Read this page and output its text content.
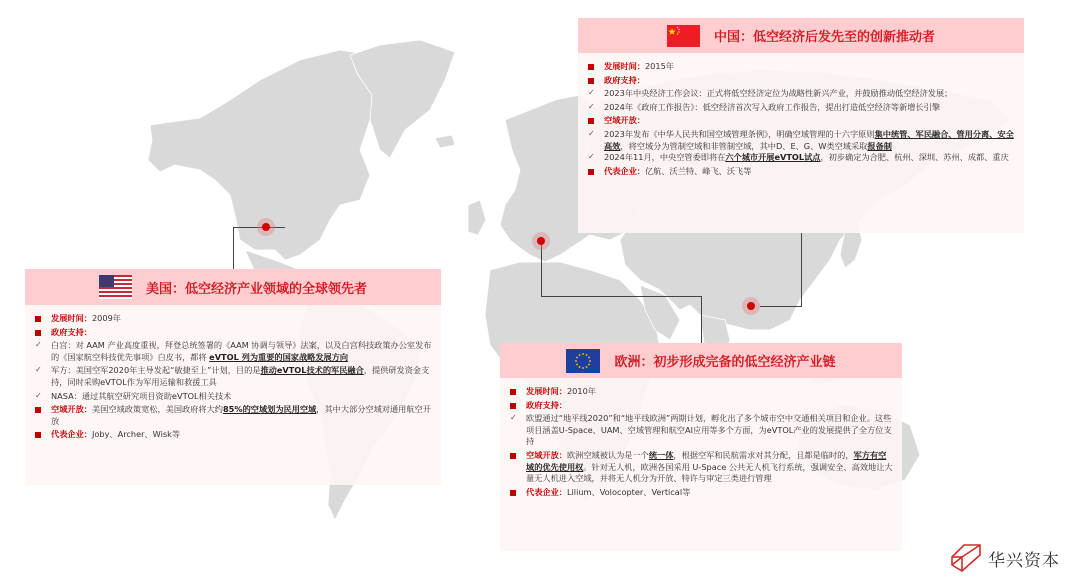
中国：低空经济后发先至的创新推动者
发展时间：2015年
政府支持：
✓ 2023年中央经济工作会议：正式将低空经济定位为战略性新兴产业，并鼓励推动低空经济发展；
✓ 2024年《政府工作报告》：低空经济首次写入政府工作报告，提出打造低空经济等新增长引擎
空域开放：
✓ 2023年发布《中华人民共和国空域管理条例》，明确空域管理的十六字原则集中统管、军民融合、管用分离、安全高效，将空域分为管制空域和非管制空域，其中D、E、G、W类空域采取报备制
✓ 2024年11月，中央空管委即将在六个城市开展eVTOL试点，初步确定为合肥、杭州、深圳、苏州、成都、重庆
代表企业：亿航、沃兰特、峰飞、沃飞等
美国：低空经济产业领域的全球领先者
发展时间：2009年
政府支持：
✓ 白宫：对 AAM 产业高度重视，拜登总统签署的《AAM 协调与领导》法案，以及白宫科技政策办公室发布的《国家航空科技优先事项》白皮书，都将 eVTOL 列为重要的国家战略发展方向
✓ 军方：美国空军2020年主导发起“敏捷至上”计划，目的是推动eVTOL技术的军民融合，提供研发资金支持，同时采购eVTOL作为军用运输和救援工具
✓ NASA：通过其航空研究项目资助eVTOL相关技术
空域开放：美国空域政策宽松，美国政府将大约85%的空域划为民用空域，其中大部分空域对通用航空开放
代表企业：Joby、Archer、Wisk等
欧洲：初步形成完备的低空经济产业链
发展时间：2010年
政府支持：
✓ 欧盟通过“地平线2020”和“地平线欧洲”两期计划，孵化出了多个城市空中交通相关项目和企业。这些项目涵盖U-Space、UAM、空域管理和航空AI应用等多个方面，为eVTOL产业的发展提供了全方位支持
空域开放：欧洲空域被认为是一个统一体，根据空军和民航需求对其分配，且都是临时的，军方有空域的优先使用权。针对无人机，欧洲各国采用 U-Space 公共无人机飞行系统，强调安全、高效地让大量无人机进入空域，并将无人机分为开放、特许与审定三类进行管理
代表企业：Lilium、Volocopter、Vertical等
华兴资本
